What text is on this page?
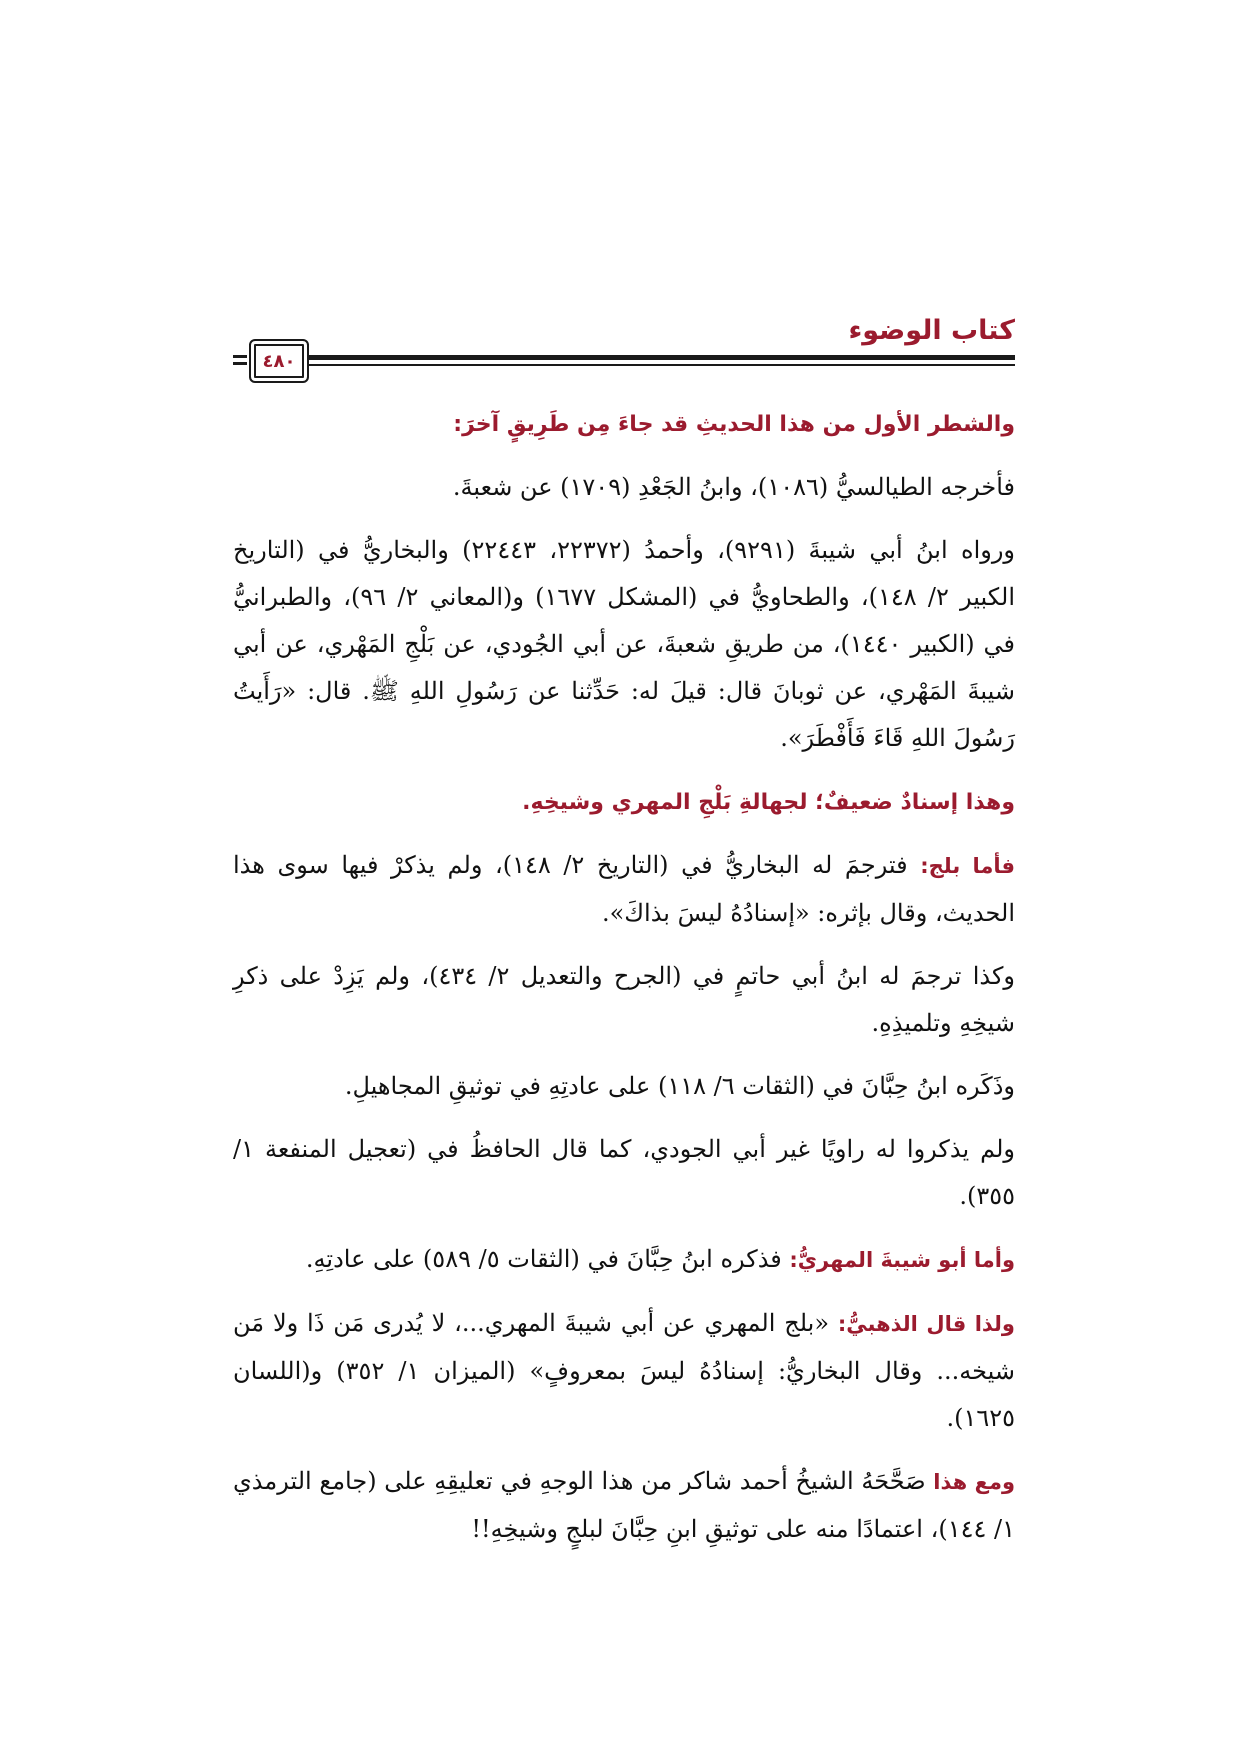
كتاب الوضوء
٤٨٠

والشطر الأول من هذا الحديثِ قد جاءَ مِن طَرِيقٍ آخرَ:

فأخرجه الطيالسيُّ (١٠٨٦)، وابنُ الجَعْدِ (١٧٠٩) عن شعبةَ.

ورواه ابنُ أبي شيبةَ (٩٢٩١)، وأحمدُ (٢٢٣٧٢، ٢٢٤٤٣) والبخاريُّ في (التاريخ الكبير ٢/ ١٤٨)، والطحاويُّ في (المشكل ١٦٧٧) و(المعاني ٢/ ٩٦)، والطبرانيُّ في (الكبير ١٤٤٠)، من طريقِ شعبةَ، عن أبي الجُودي، عن بَلْجِ المَهْري، عن أبي شيبةَ المَهْري، عن ثوبانَ قال: قيلَ له: حَدِّثنا عن رَسُولِ اللهِ ﷺ. قال: «رَأَيتُ رَسُولَ اللهِ قَاءَ فَأَفْطَرَ».

وهذا إسنادٌ ضعيفٌ؛ لجهالةِ بَلْجِ المهري وشيخِهِ.

فأما بلج: فترجمَ له البخاريُّ في (التاريخ ٢/ ١٤٨)، ولم يذكرْ فيها سوى هذا الحديث، وقال بإثره: «إسنادُهُ ليسَ بذاكَ».

وكذا ترجمَ له ابنُ أبي حاتمٍ في (الجرح والتعديل ٢/ ٤٣٤)، ولم يَزِدْ على ذكرِ شيخِهِ وتلميذِهِ.

وذَكَره ابنُ حِبَّانَ في (الثقات ٦/ ١١٨) على عادتِهِ في توثيقِ المجاهيلِ.

ولم يذكروا له راويًا غير أبي الجودي، كما قال الحافظُ في (تعجيل المنفعة ١/ ٣٥٥).

وأما أبو شيبةَ المهريُّ: فذكره ابنُ حِبَّانَ في (الثقات ٥/ ٥٨٩) على عادتِهِ.

ولذا قال الذهبيُّ: «بلج المهري عن أبي شيبةَ المهري...، لا يُدرى مَن ذَا ولا مَن شيخه... وقال البخاريُّ: إسنادُهُ ليسَ بمعروفٍ» (الميزان ١/ ٣٥٢) و(اللسان ١٦٢٥).

ومع هذا صَحَّحَهُ الشيخُ أحمد شاكر من هذا الوجهِ في تعليقِهِ على (جامع الترمذي ١/ ١٤٤)، اعتمادًا منه على توثيقِ ابنِ حِبَّانَ لبلجٍ وشيخِهِ!!
